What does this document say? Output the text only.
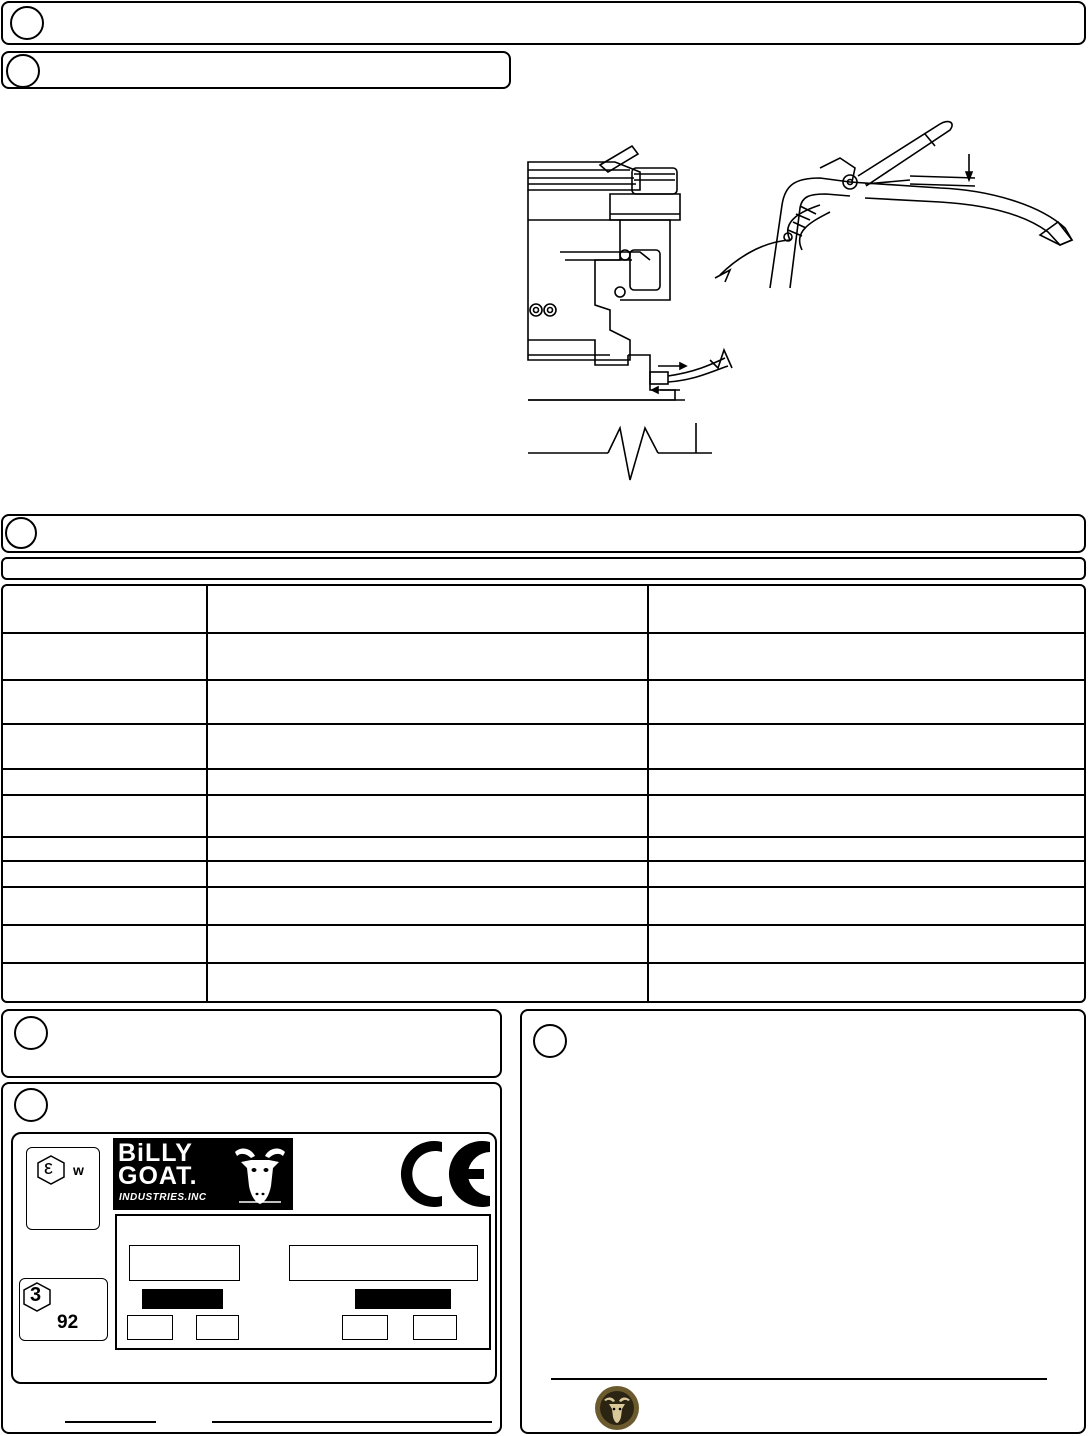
ε w
3
92
BiLLY
GOAT.
INDUSTRIES.INC
